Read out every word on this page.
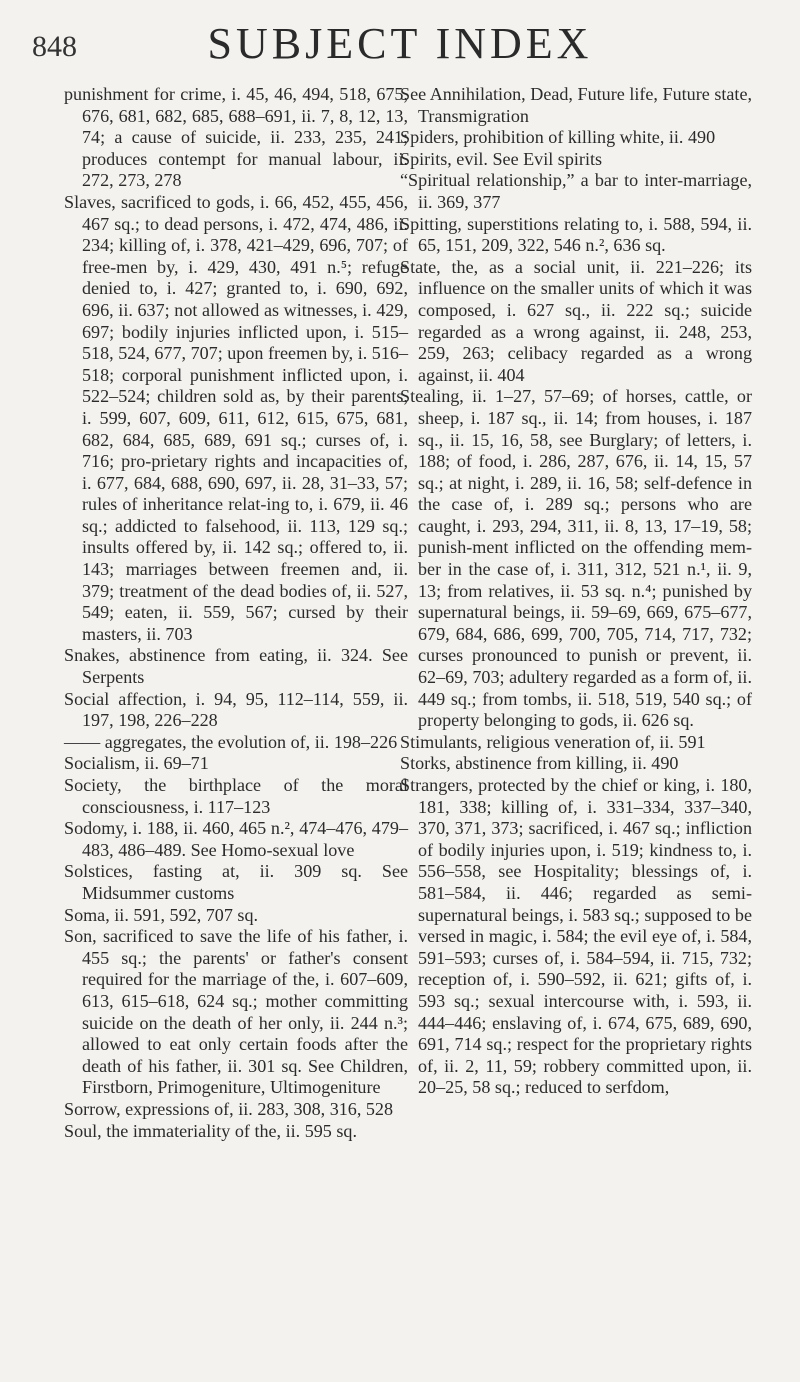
848	SUBJECT INDEX

punishment for crime, i. 45, 46, 494, 518, 675, 676, 681, 682, 685, 688–691, ii. 7, 8, 12, 13, 74; a cause of suicide, ii. 233, 235, 241; produces contempt for manual labour, ii. 272, 273, 278

Slaves, sacrificed to gods, i. 66, 452, 455, 456, 467 sq.; to dead persons, i. 472, 474, 486, ii. 234; killing of, i. 378, 421–429, 696, 707; of free-men by, i. 429, 430, 491 n.⁵; refuge denied to, i. 427; granted to, i. 690, 692, 696, ii. 637; not allowed as witnesses, i. 429, 697; bodily injuries inflicted upon, i. 515–518, 524, 677, 707; upon freemen by, i. 516–518; corporal punishment inflicted upon, i. 522–524; children sold as, by their parents, i. 599, 607, 609, 611, 612, 615, 675, 681, 682, 684, 685, 689, 691 sq.; curses of, i. 716; pro-prietary rights and incapacities of, i. 677, 684, 688, 690, 697, ii. 28, 31–33, 57; rules of inheritance relat-ing to, i. 679, ii. 46 sq.; addicted to falsehood, ii. 113, 129 sq.; insults offered by, ii. 142 sq.; offered to, ii. 143; marriages between freemen and, ii. 379; treatment of the dead bodies of, ii. 527, 549; eaten, ii. 559, 567; cursed by their masters, ii. 703

Snakes, abstinence from eating, ii. 324. See Serpents

Social affection, i. 94, 95, 112–114, 559, ii. 197, 198, 226–228

—— aggregates, the evolution of, ii. 198–226

Socialism, ii. 69–71

Society, the birthplace of the moral consciousness, i. 117–123

Sodomy, i. 188, ii. 460, 465 n.², 474–476, 479–483, 486–489. See Homo-sexual love

Solstices, fasting at, ii. 309 sq. See Midsummer customs

Soma, ii. 591, 592, 707 sq.

Son, sacrificed to save the life of his father, i. 455 sq.; the parents' or father's consent required for the marriage of the, i. 607–609, 613, 615–618, 624 sq.; mother committing suicide on the death of her only, ii. 244 n.³; allowed to eat only certain foods after the death of his father, ii. 301 sq. See Children, Firstborn, Primogeniture, Ultimogeniture

Sorrow, expressions of, ii. 283, 308, 316, 528

Soul, the immateriality of the, ii. 595 sq.

See Annihilation, Dead, Future life, Future state, Transmigration

Spiders, prohibition of killing white, ii. 490

Spirits, evil. See Evil spirits

“Spiritual relationship,” a bar to inter-marriage, ii. 369, 377

Spitting, superstitions relating to, i. 588, 594, ii. 65, 151, 209, 322, 546 n.², 636 sq.

State, the, as a social unit, ii. 221–226; its influence on the smaller units of which it was composed, i. 627 sq., ii. 222 sq.; suicide regarded as a wrong against, ii. 248, 253, 259, 263; celibacy regarded as a wrong against, ii. 404

Stealing, ii. 1–27, 57–69; of horses, cattle, or sheep, i. 187 sq., ii. 14; from houses, i. 187 sq., ii. 15, 16, 58, see Burglary; of letters, i. 188; of food, i. 286, 287, 676, ii. 14, 15, 57 sq.; at night, i. 289, ii. 16, 58; self-defence in the case of, i. 289 sq.; persons who are caught, i. 293, 294, 311, ii. 8, 13, 17–19, 58; punish-ment inflicted on the offending mem-ber in the case of, i. 311, 312, 521 n.¹, ii. 9, 13; from relatives, ii. 53 sq. n.⁴; punished by supernatural beings, ii. 59–69, 669, 675–677, 679, 684, 686, 699, 700, 705, 714, 717, 732; curses pronounced to punish or prevent, ii. 62–69, 703; adultery regarded as a form of, ii. 449 sq.; from tombs, ii. 518, 519, 540 sq.; of property belonging to gods, ii. 626 sq.

Stimulants, religious veneration of, ii. 591

Storks, abstinence from killing, ii. 490

Strangers, protected by the chief or king, i. 180, 181, 338; killing of, i. 331–334, 337–340, 370, 371, 373; sacrificed, i. 467 sq.; infliction of bodily injuries upon, i. 519; kindness to, i. 556–558, see Hospitality; blessings of, i. 581–584, ii. 446; regarded as semi-supernatural beings, i. 583 sq.; supposed to be versed in magic, i. 584; the evil eye of, i. 584, 591–593; curses of, i. 584–594, ii. 715, 732; reception of, i. 590–592, ii. 621; gifts of, i. 593 sq.; sexual intercourse with, i. 593, ii. 444–446; enslaving of, i. 674, 675, 689, 690, 691, 714 sq.; respect for the proprietary rights of, ii. 2, 11, 59; robbery committed upon, ii. 20–25, 58 sq.; reduced to serfdom,
